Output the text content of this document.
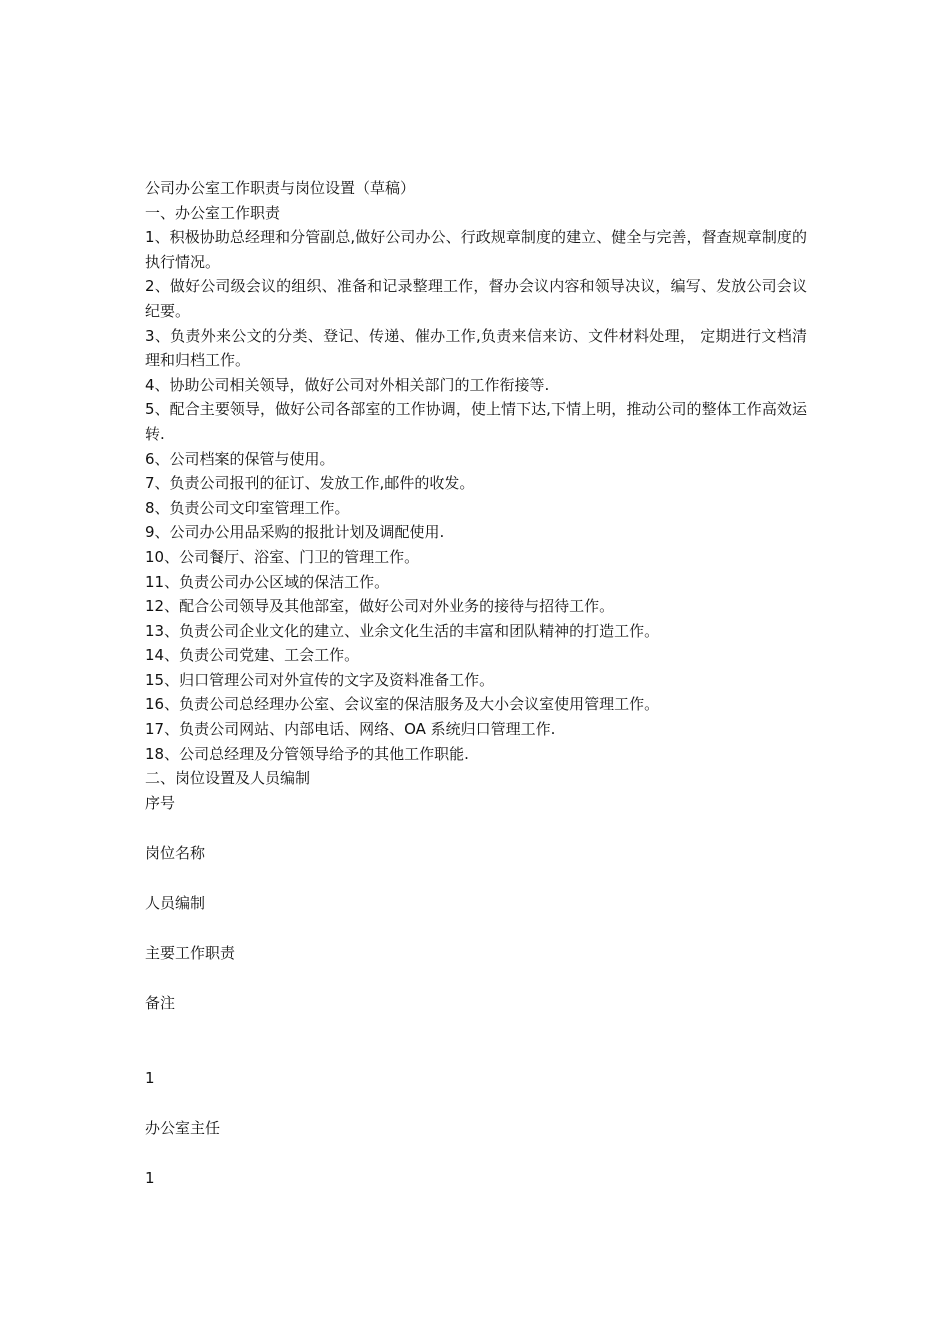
公司办公室工作职责与岗位设置（草稿）

一、办公室工作职责

1、积极协助总经理和分管副总,做好公司办公、行政规章制度的建立、健全与完善，督查规章制度的执行情况。

2、做好公司级会议的组织、准备和记录整理工作，督办会议内容和领导决议，编写、发放公司会议纪要。

3、负责外来公文的分类、登记、传递、催办工作,负责来信来访、文件材料处理， 定期进行文档清理和归档工作。

4、协助公司相关领导，做好公司对外相关部门的工作衔接等.

5、配合主要领导，做好公司各部室的工作协调，使上情下达,下情上明，推动公司的整体工作高效运转.

6、公司档案的保管与使用。

7、负责公司报刊的征订、发放工作,邮件的收发。

8、负责公司文印室管理工作。

9、公司办公用品采购的报批计划及调配使用.

10、公司餐厅、浴室、门卫的管理工作。

11、负责公司办公区域的保洁工作。

12、配合公司领导及其他部室，做好公司对外业务的接待与招待工作。

13、负责公司企业文化的建立、业余文化生活的丰富和团队精神的打造工作。

14、负责公司党建、工会工作。

15、归口管理公司对外宣传的文字及资料准备工作。

16、负责公司总经理办公室、会议室的保洁服务及大小会议室使用管理工作。

17、负责公司网站、内部电话、网络、OA 系统归口管理工作.

18、公司总经理及分管领导给予的其他工作职能.

二、岗位设置及人员编制

序号

岗位名称

人员编制

主要工作职责

备注

1

办公室主任

1
